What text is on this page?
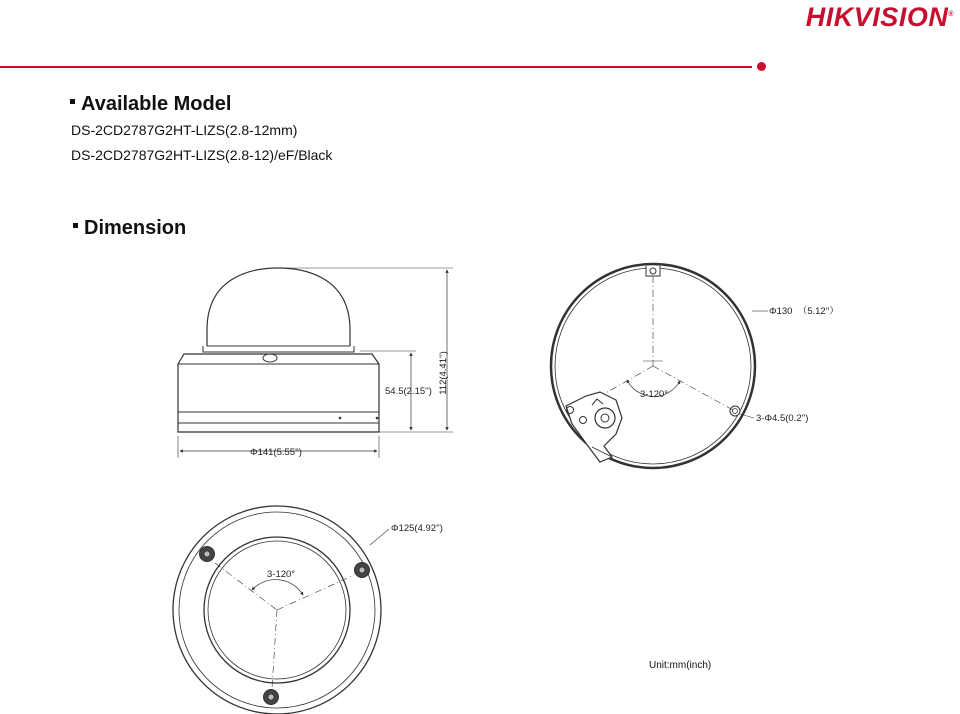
HIKVISION®
Available Model
DS-2CD2787G2HT-LIZS(2.8-12mm)
DS-2CD2787G2HT-LIZS(2.8-12)/eF/Black
Dimension
112(4.41'')
54.5(2.15'')
Φ141(5.55'')
Φ130  （5.12''）
3-120°
3-Φ4.5(0.2'')
3-120°
Φ125(4.92'')
Unit:mm(inch)
